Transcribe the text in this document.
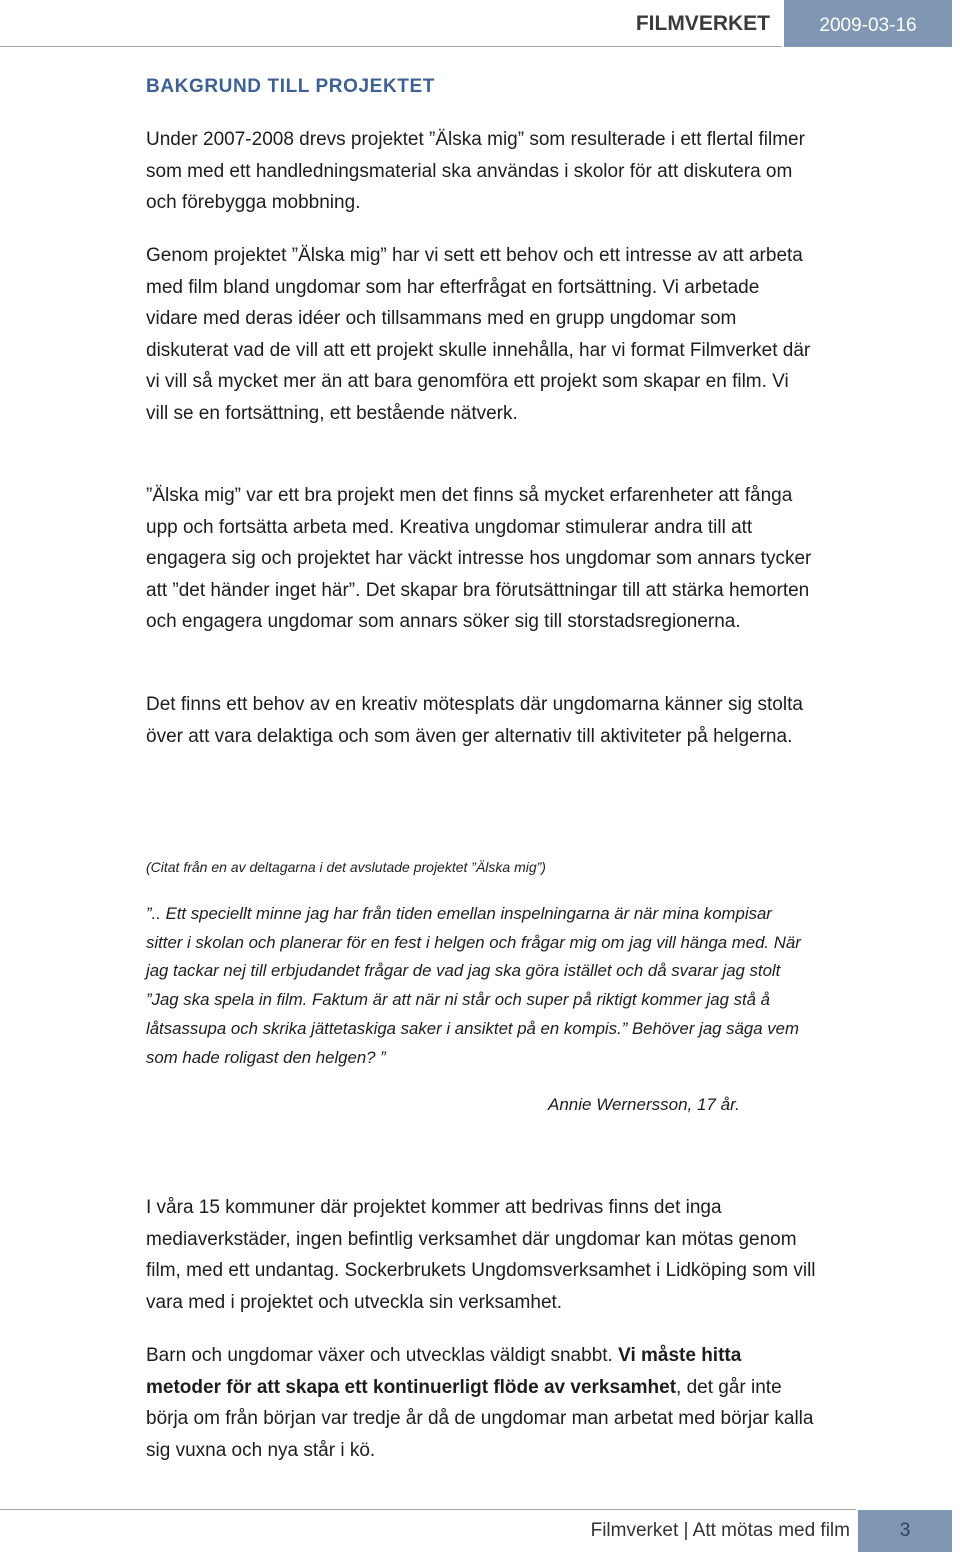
FILMVERKET	2009-03-16
BAKGRUND TILL PROJEKTET

Under 2007-2008 drevs projektet ”Älska mig” som resulterade i ett flertal filmer som med ett handledningsmaterial ska användas i skolor för att diskutera om och förebygga mobbning.

Genom projektet ”Älska mig” har vi sett ett behov och ett intresse av att arbeta med film bland ungdomar som har efterfrågat en fortsättning. Vi arbetade vidare med deras idéer och tillsammans med en grupp ungdomar som diskuterat vad de vill att ett projekt skulle innehålla, har vi format Filmverket där vi vill så mycket mer än att bara genomföra ett projekt som skapar en film. Vi vill se en fortsättning, ett bestående nätverk.

”Älska mig” var ett bra projekt men det finns så mycket erfarenheter att fånga upp och fortsätta arbeta med. Kreativa ungdomar stimulerar andra till att engagera sig och projektet har väckt intresse hos ungdomar som annars tycker att ”det händer inget här”. Det skapar bra förutsättningar till att stärka hemorten och engagera ungdomar som annars söker sig till storstadsregionerna.

Det finns ett behov av en kreativ mötesplats där ungdomarna känner sig stolta över att vara delaktiga och som även ger alternativ till aktiviteter på helgerna.

(Citat från en av deltagarna i det avslutade projektet ”Älska mig”)

”.. Ett speciellt minne jag har från tiden emellan inspelningarna är när mina kompisar sitter i skolan och planerar för en fest i helgen och frågar mig om jag vill hänga med. När jag tackar nej till erbjudandet frågar de vad jag ska göra istället och då svarar jag stolt ”Jag ska spela in film. Faktum är att när ni står och super på riktigt kommer jag stå å låtsassupa och skrika jättetaskiga saker i ansiktet på en kompis.” Behöver jag säga vem som hade roligast den helgen? ”

Annie Wernersson, 17 år.

I våra 15 kommuner där projektet kommer att bedrivas finns det inga mediaverkstäder, ingen befintlig verksamhet där ungdomar kan mötas genom film, med ett undantag. Sockerbrukets Ungdomsverksamhet i Lidköping som vill vara med i projektet och utveckla sin verksamhet.

Barn och ungdomar växer och utvecklas väldigt snabbt. Vi måste hitta metoder för att skapa ett kontinuerligt flöde av verksamhet, det går inte börja om från början var tredje år då de ungdomar man arbetat med börjar kalla sig vuxna och nya står i kö.

Filmverket | Att mötas med film	3
